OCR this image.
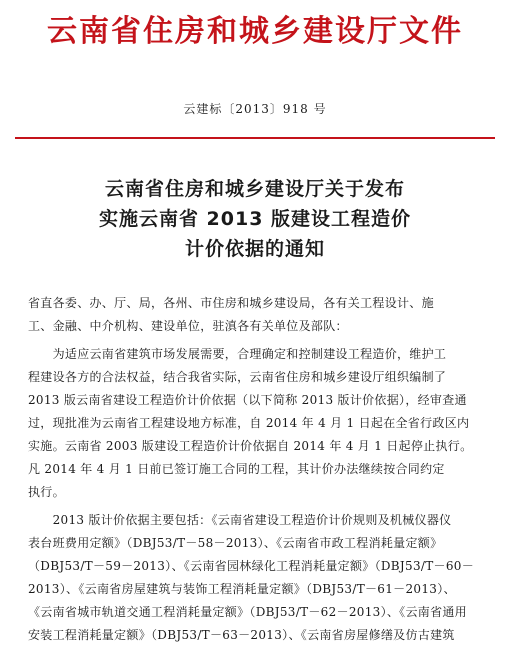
云南省住房和城乡建设厅文件
云建标〔2013〕918 号
云南省住房和城乡建设厅关于发布
实施云南省 2013 版建设工程造价
计价依据的通知
省直各委、办、厅、局，各州、市住房和城乡建设局，各有关工程设计、施
工、金融、中介机构、建设单位，驻滇各有关单位及部队：
　　为适应云南省建筑市场发展需要，合理确定和控制建设工程造价，维护工
程建设各方的合法权益，结合我省实际，云南省住房和城乡建设厅组织编制了
2013 版云南省建设工程造价计价依据（以下简称 2013 版计价依据），经审查通
过，现批准为云南省工程建设地方标准，自 2014 年 4 月 1 日起在全省行政区内
实施。云南省 2003 版建设工程造价计价依据自 2014 年 4 月 1 日起停止执行。
凡 2014 年 4 月 1 日前已签订施工合同的工程，其计价办法继续按合同约定
执行。
　　2013 版计价依据主要包括：《云南省建设工程造价计价规则及机械仪器仪
表台班费用定额》（DBJ53/T－58－2013）、《云南省市政工程消耗量定额》
（DBJ53/T－59－2013）、《云南省园林绿化工程消耗量定额》（DBJ53/T－60－
2013）、《云南省房屋建筑与装饰工程消耗量定额》（DBJ53/T－61－2013）、
《云南省城市轨道交通工程消耗量定额》（DBJ53/T－62－2013）、《云南省通用
安装工程消耗量定额》（DBJ53/T－63－2013）、《云南省房屋修缮及仿古建筑
